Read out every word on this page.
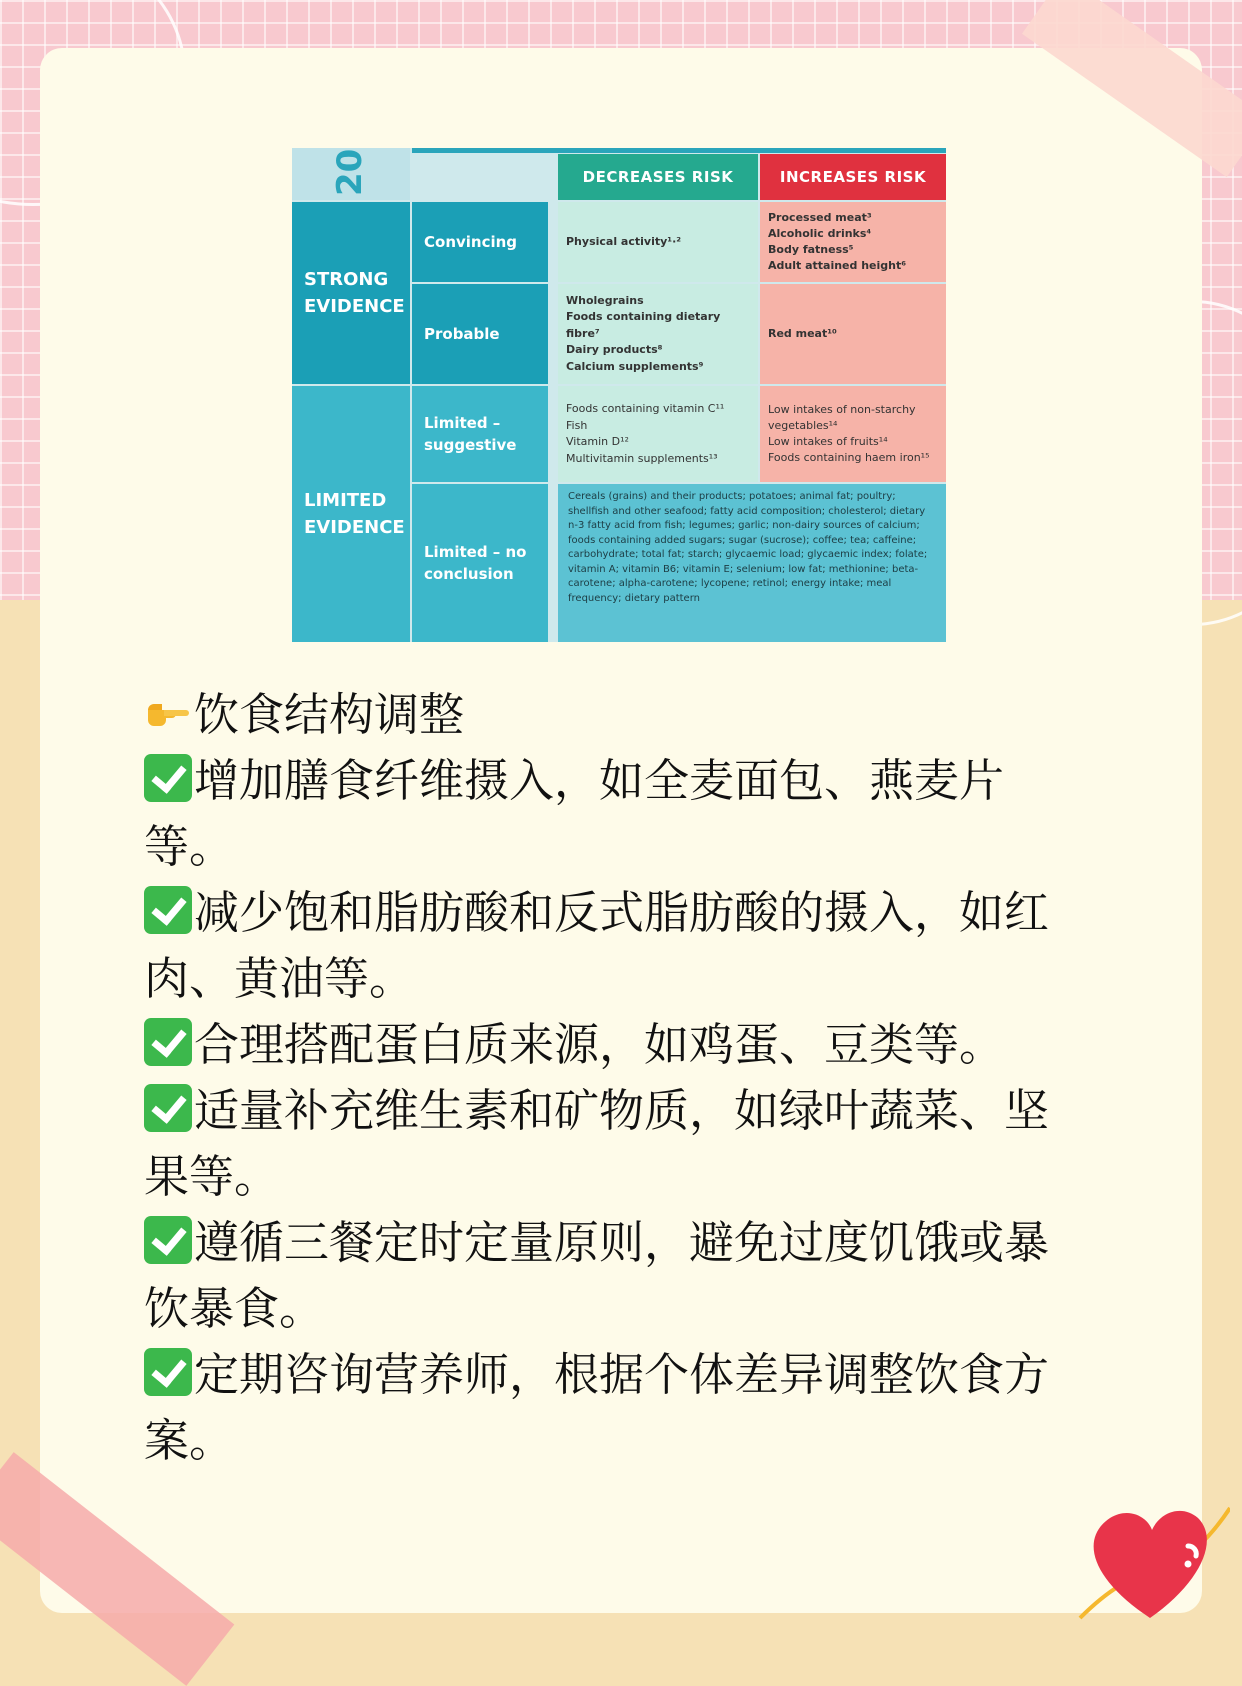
20	DECREASES RISK	INCREASES RISK
STRONG EVIDENCE
LIMITED EVIDENCE
Convincing
Probable
Limited – suggestive
Limited – no conclusion
Physical activity¹·²
Processed meat³
Alcoholic drinks⁴
Body fatness⁵
Adult attained height⁶
Wholegrains
Foods containing dietary fibre⁷
Dairy products⁸
Calcium supplements⁹
Red meat¹⁰
Foods containing vitamin C¹¹
Fish
Vitamin D¹²
Multivitamin supplements¹³
Low intakes of non-starchy vegetables¹⁴
Low intakes of fruits¹⁴
Foods containing haem iron¹⁵
Cereals (grains) and their products; potatoes; animal fat; poultry; shellfish and other seafood; fatty acid composition; cholesterol; dietary n-3 fatty acid from fish; legumes; garlic; non-dairy sources of calcium; foods containing added sugars; sugar (sucrose); coffee; tea; caffeine; carbohydrate; total fat; starch; glycaemic load; glycaemic index; folate; vitamin A; vitamin B6; vitamin E; selenium; low fat; methionine; beta-carotene; alpha-carotene; lycopene; retinol; energy intake; meal frequency; dietary pattern

饮食结构调整

增加膳食纤维摄入，如全麦面包、燕麦片等。

减少饱和脂肪酸和反式脂肪酸的摄入，如红肉、黄油等。

合理搭配蛋白质来源，如鸡蛋、豆类等。

适量补充维生素和矿物质，如绿叶蔬菜、坚果等。

遵循三餐定时定量原则，避免过度饥饿或暴饮暴食。

定期咨询营养师，根据个体差异调整饮食方案。
